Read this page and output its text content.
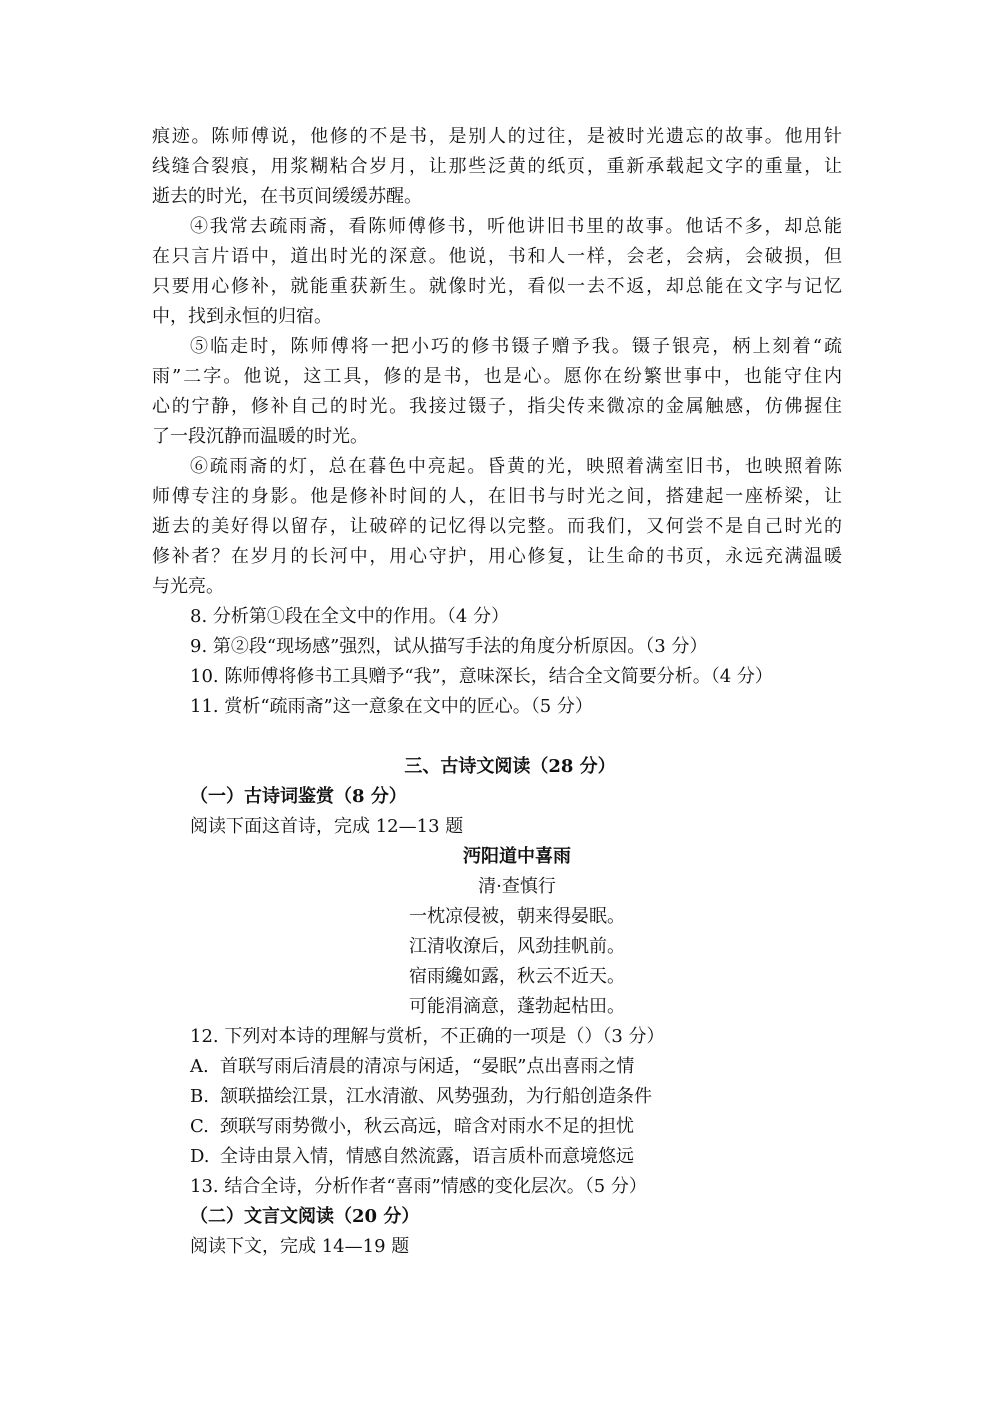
痕迹。陈师傅说，他修的不是书，是别人的过往，是被时光遗忘的故事。他用针
线缝合裂痕，用浆糊粘合岁月，让那些泛黄的纸页，重新承载起文字的重量，让
逝去的时光，在书页间缓缓苏醒。
④我常去疏雨斋，看陈师傅修书，听他讲旧书里的故事。他话不多，却总能
在只言片语中，道出时光的深意。他说，书和人一样，会老，会病，会破损，但
只要用心修补，就能重获新生。就像时光，看似一去不返，却总能在文字与记忆
中，找到永恒的归宿。
⑤临走时，陈师傅将一把小巧的修书镊子赠予我。镊子银亮，柄上刻着“疏
雨”二字。他说，这工具，修的是书，也是心。愿你在纷繁世事中，也能守住内
心的宁静，修补自己的时光。我接过镊子，指尖传来微凉的金属触感，仿佛握住
了一段沉静而温暖的时光。
⑥疏雨斋的灯，总在暮色中亮起。昏黄的光，映照着满室旧书，也映照着陈
师傅专注的身影。他是修补时间的人，在旧书与时光之间，搭建起一座桥梁，让
逝去的美好得以留存，让破碎的记忆得以完整。而我们，又何尝不是自己时光的
修补者？在岁月的长河中，用心守护，用心修复，让生命的书页，永远充满温暖
与光亮。
8. 分析第①段在全文中的作用。（4 分）
9. 第②段“现场感”强烈，试从描写手法的角度分析原因。（3 分）
10. 陈师傅将修书工具赠予“我”，意味深长，结合全文简要分析。（4 分）
11. 赏析“疏雨斋”这一意象在文中的匠心。（5 分）
三、古诗文阅读（28 分）
（一）古诗词鉴赏（8 分）
阅读下面这首诗，完成 12—13 题
沔阳道中喜雨
清·查慎行
一枕凉侵被，朝来得晏眠。
江清收潦后，风劲挂帆前。
宿雨纔如露，秋云不近天。
可能涓滴意，蓬勃起枯田。
12. 下列对本诗的理解与赏析，不正确的一项是（）（3 分）
A. 首联写雨后清晨的清凉与闲适，“晏眠”点出喜雨之情
B. 颔联描绘江景，江水清澈、风势强劲，为行船创造条件
C. 颈联写雨势微小，秋云高远，暗含对雨水不足的担忧
D. 全诗由景入情，情感自然流露，语言质朴而意境悠远
13. 结合全诗，分析作者“喜雨”情感的变化层次。（5 分）
（二）文言文阅读（20 分）
阅读下文，完成 14—19 题
